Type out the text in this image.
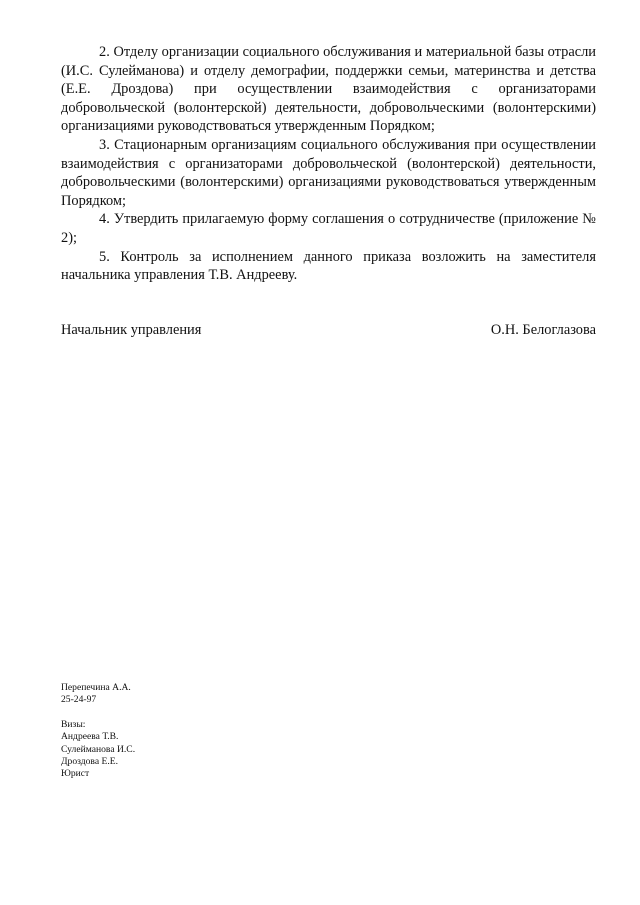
2. Отделу организации социального обслуживания и материальной базы отрасли (И.С. Сулейманова) и отделу демографии, поддержки семьи, материнства и детства (Е.Е. Дроздова) при осуществлении взаимодействия с организаторами добровольческой (волонтерской) деятельности, добровольческими (волонтерскими) организациями руководствоваться утвержденным Порядком;

3. Стационарным организациям социального обслуживания при осуществлении взаимодействия с организаторами добровольческой (волонтерской) деятельности, добровольческими (волонтерскими) организациями руководствоваться утвержденным Порядком;

4. Утвердить прилагаемую форму соглашения о сотрудничестве (приложение № 2);

5. Контроль за исполнением данного приказа возложить на заместителя начальника управления Т.В. Андрееву.

Начальник управления	О.Н. Белоглазова

Перепечина А.А.

25-24-97

Визы:

Андреева Т.В.

Сулейманова И.С.

Дроздова Е.Е.

Юрист
